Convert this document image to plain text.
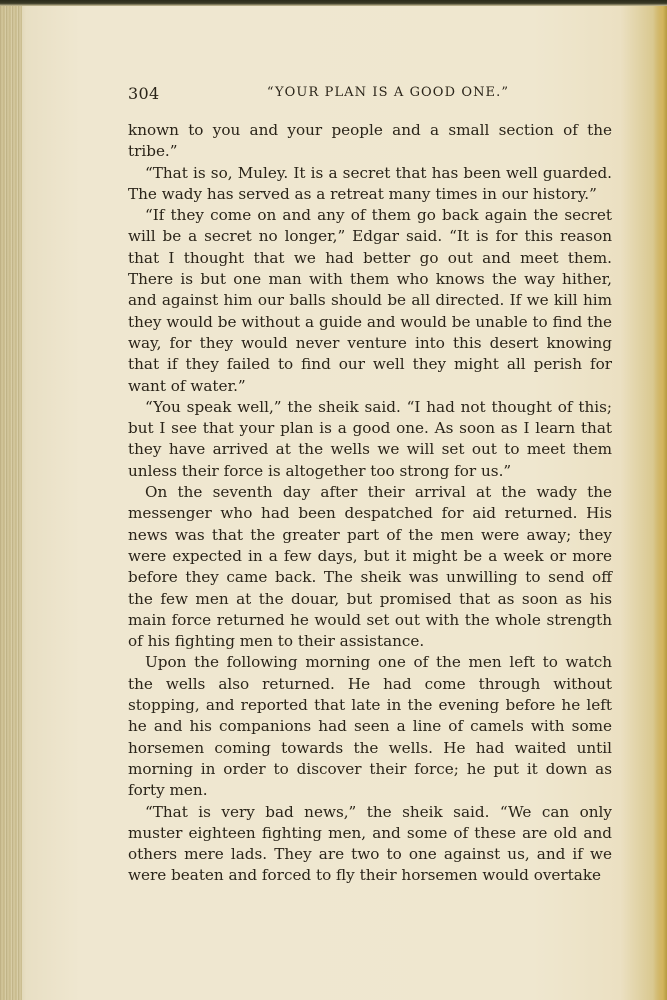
304	“YOUR PLAN IS A GOOD ONE.”

known to you and your people and a small section of the tribe.”

“That is so, Muley. It is a secret that has been well guarded. The wady has served as a retreat many times in our history.”

“If they come on and any of them go back again the secret will be a secret no longer,” Edgar said. “It is for this reason that I thought that we had better go out and meet them. There is but one man with them who knows the way hither, and against him our balls should be all directed. If we kill him they would be without a guide and would be unable to find the way, for they would never venture into this desert knowing that if they failed to find our well they might all perish for want of water.”

“You speak well,” the sheik said. “I had not thought of this; but I see that your plan is a good one. As soon as I learn that they have arrived at the wells we will set out to meet them unless their force is altogether too strong for us.”

On the seventh day after their arrival at the wady the messenger who had been despatched for aid returned. His news was that the greater part of the men were away; they were expected in a few days, but it might be a week or more before they came back. The sheik was unwilling to send off the few men at the douar, but promised that as soon as his main force returned he would set out with the whole strength of his fighting men to their assistance.

Upon the following morning one of the men left to watch the wells also returned. He had come through without stopping, and reported that late in the evening before he left he and his companions had seen a line of camels with some horsemen coming towards the wells. He had waited until morning in order to discover their force; he put it down as forty men.

“That is very bad news,” the sheik said. “We can only muster eighteen fighting men, and some of these are old and others mere lads. They are two to one against us, and if we were beaten and forced to fly their horsemen would overtake
